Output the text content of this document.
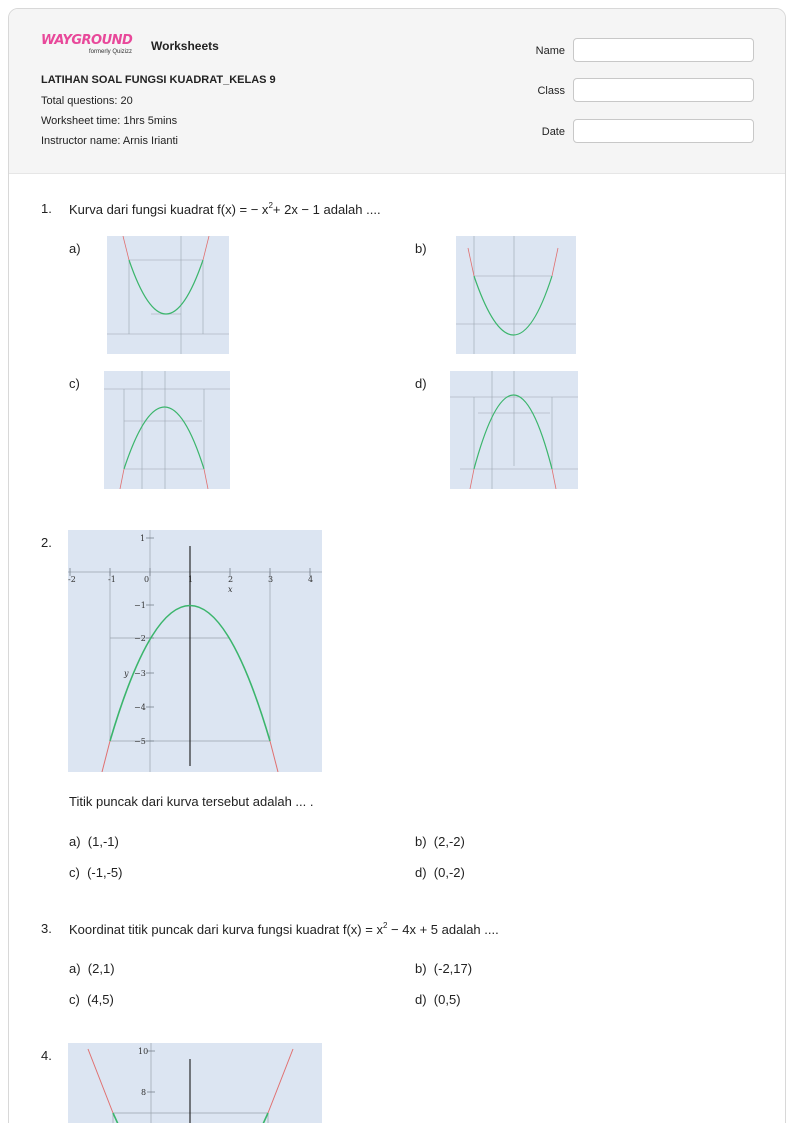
WAYGROUND
formerly Quizizz Worksheets
LATIHAN SOAL FUNGSI KUADRAT_KELAS 9
Total questions: 20
Worksheet time: 1hrs 5mins
Instructor name: Arnis Irianti
Name
Class
Date
1. Kurva dari fungsi kuadrat f(x) = − $x^2+ 2x - 1$ adalah ....
a)	b)
c)	d)
2.
-2	-1	0	1	2	3	4
x
1
−1
−2
−3
−4
−5
y
Titik puncak dari kurva tersebut adalah ... .
a) (1,-1)	b) (2,-2)
c) (-1,-5)	d) (0,-2)
3. Koordinat titik puncak dari kurva fungsi kuadrat $f(x) = x^2 - 4x + 5$ adalah ....
a) (2,1)	b) (-2,17)
c) (4,5)	d) (0,5)
4.	10
8
